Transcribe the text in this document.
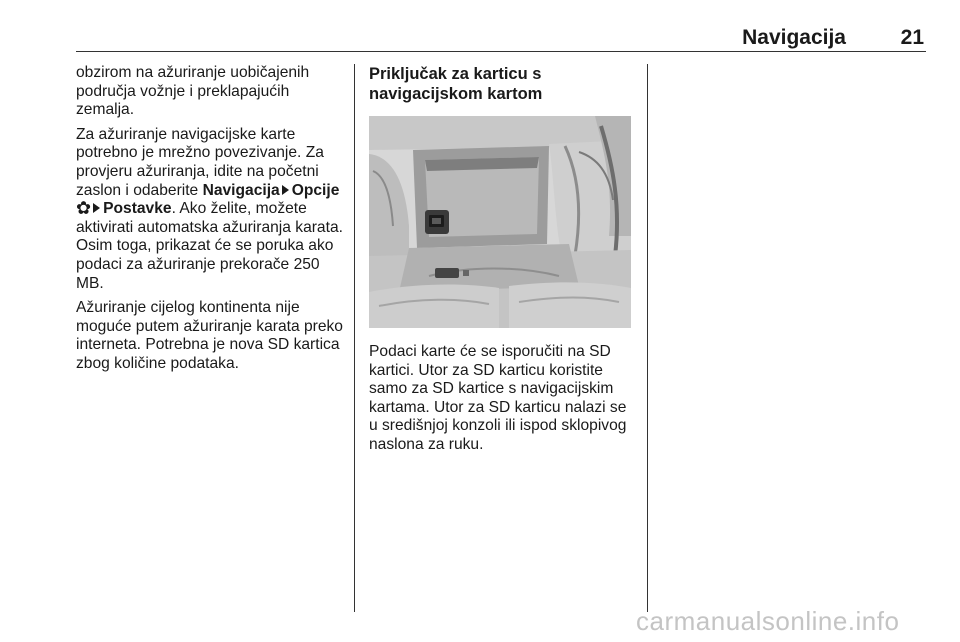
Navigacija	21

obzirom na ažuriranje uobičajenih područja vožnje i preklapajućih zemalja.

Za ažuriranje navigacijske karte potrebno je mrežno povezivanje. Za provjeru ažuriranja, idite na početni zaslon i odaberite Navigacija Opcije
✿ Postavke. Ako želite, možete aktivirati automatska ažuriranja karata. Osim toga, prikazat će se poruka ako podaci za ažuriranje prekorače 250 MB.

Ažuriranje cijelog kontinenta nije moguće putem ažuriranje karata preko interneta. Potrebna je nova SD kartica zbog količine podataka.

Priključak za karticu s navigacijskom kartom
Podaci karte će se isporučiti na SD kartici. Utor za SD karticu koristite samo za SD kartice s navigacijskim kartama. Utor za SD karticu nalazi se u središnjoj konzoli ili ispod sklopivog naslona za ruku.
carmanualsonline.info
